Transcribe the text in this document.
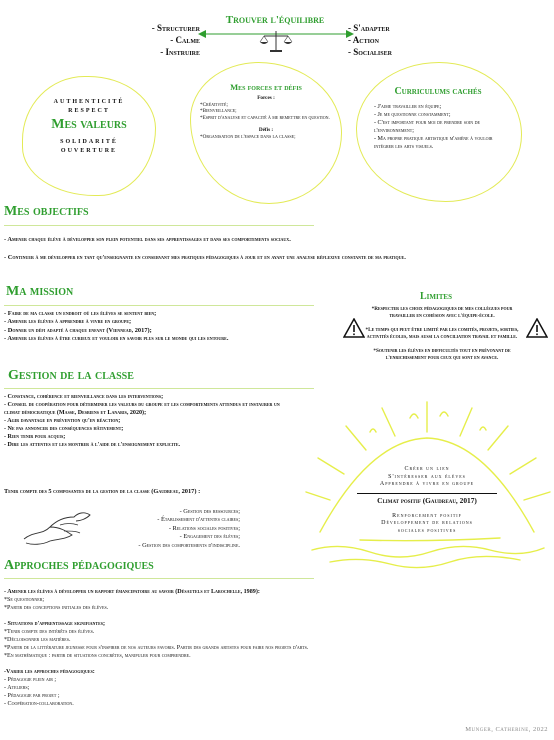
Trouver l'équilibre
- Structurer
- Calme
- Instruire
- S'adapter
- Action
- Socialiser
authenticité
respect
Mes valeurs
solidarité
ouverture
Mes forces et défis
Forces :
*Créativité;
*Bienveillance;
*Esprit d'analyse et capacité à me remettre en question.
Défis :
*Organisation de l'espace dans la classe;
Curriculums cachés
- J'aime travailler en équipe;
- Je me questionne constamment;
- C'est important pour moi de prendre soin de l'environnement;
- Ma propre pratique artistique m'amène à vouloir intégrer les arts visuels.
Mes objectifs
- Amener chaque élève à développer son plein potentiel dans ses apprentissages et dans ses comportements sociaux.
- Continuer à me développer en tant qu'enseignante en conservant mes pratiques pédagogiques à jour et en ayant une analyse réflexive constante de ma pratique.
Ma mission
- Faire de ma classe un endroit où les élèves se sentent bien;
- Amener les élèves à apprendre à vivre en groupe;
- Donner un défi adapté à chaque enfant (Viennead, 2017);
- Amener les élèves à être curieux et vouloir en savoir plus sur le monde qui les entoure.
Limites
*Respecter les choix pédagogiques de mes collègues pour travailler en cohésion avec l'équipe-école.
*Le temps qui peut être limité par les comités, projets, sorties, activités écoles, mais aussi la conciliation travail et famille.
*Soutenir les élèves en difficultés tout en prévoyant de l'enrichissement pour ceux qui sont en avance.
Gestion de la classe
- Constance, cohérence et bienveillance dans les interventions;
- Conseil de coopération pour déterminer les valeurs du groupe et les comportements attendus et instaurer un climat démocratique (Masse, Desbiens et Lanaris, 2020);
- Agir davantage en prévention qu'en réaction;
- Ne pas annoncer des conséquences hâtivement;
- Rien tenir pour acquis;
- Dire les attentes et les montrer à l'aide de l'enseignement explicite.
Tenir compte des 5 composantes de la gestion de la classe (Gaudreau, 2017) :
- Gestion des ressources;
- Établissement d'attentes claires;
- Relations sociales positives;
- Engagement des élèves;
- Gestion des comportements d'indiscipline.
Créer un lien
S'intéresser aux élèves
Apprendre à vivre en groupe
Climat positif (Gaudreau, 2017)
Renforcement positif
Développement de relations
sociales positives
Approches pédagogiques
- Amener les élèves à développer un rapport émancipatoire au savoir (Désautels et Larochelle, 1989):
*Se questionner;
*Partir des conceptions initiales des élèves.
- Situations d'apprentissage signifiantes;
*Tenir compte des intérêts des élèves.
*Décloisonner les matières.
*Partir de la littérature jeunesse pour s'inspirer de nos auteurs favoris. Partir des grands artistes pour faire nos projets d'arts.
*En mathématique : partir de situations concrètes, manipuler pour comprendre.
-Varier les approches pédagogiques:
- Pédagogie plein air ;
- Ateliers;
- Pédagogie par projet ;
- Coopération-collaboration.
Munger, Catherine, 2022
